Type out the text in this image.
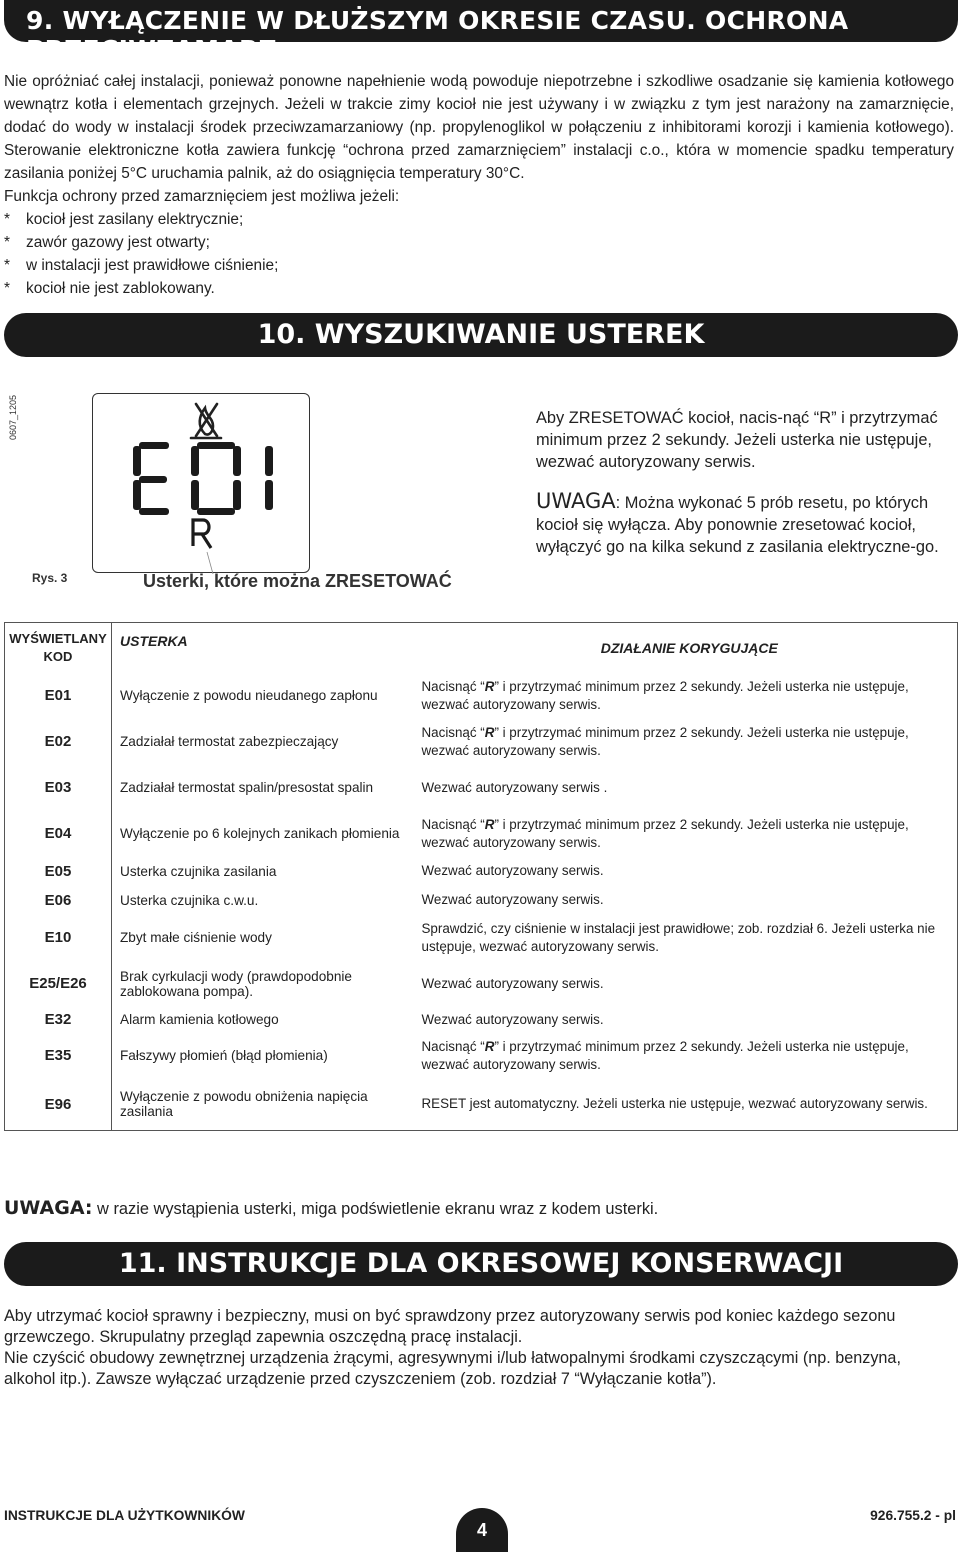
9. WYŁĄCZENIE W DŁUŻSZYM OKRESIE CZASU. OCHRONA PRZECIWZAMARZ.
Nie opróżniać całej instalacji, ponieważ ponowne napełnienie wodą powoduje niepotrzebne i szkodliwe osadzanie się kamienia kotłowego wewnątrz kotła i elementach grzejnych. Jeżeli w trakcie zimy kocioł nie jest używany i w związku z tym jest narażony na zamarznięcie, dodać do wody w instalacji środek przeciwzamarzaniowy (np. propylenoglikol w połączeniu z inhibitorami korozji i kamienia kotłowego). Sterowanie elektroniczne kotła zawiera funkcję “ochrona przed zamarznięciem” instalacji c.o., która w momencie spadku temperatury zasilania poniżej 5°C uruchamia palnik, aż do osiągnięcia temperatury 30°C.
Funkcja ochrony przed zamarznięciem jest możliwa jeżeli:
* kocioł jest zasilany elektrycznie;
* zawór gazowy jest otwarty;
* w instalacji jest prawidłowe ciśnienie;
* kocioł nie jest zablokowany.
10. WYSZUKIWANIE USTEREK
0607_1205
Rys. 3	Usterki, które można ZRESETOWAĆ
Aby ZRESETOWAĆ kocioł, nacis-nąć “R” i przytrzymać minimum przez 2 sekundy. Jeżeli usterka nie ustępuje, wezwać autoryzowany serwis.
UWAGA: Można wykonać 5 prób resetu, po których kocioł się wyłącza. Aby ponownie zresetować kocioł, wyłączyć go na kilka sekund z zasilania elektryczne-go.
WYŚWIETLANY KOD	USTERKA	DZIAŁANIE KORYGUJĄCE
E01	Wyłączenie z powodu nieudanego zapłonu	Nacisnąć “R” i przytrzymać minimum przez 2 sekundy. Jeżeli usterka nie ustępuje, wezwać autoryzowany serwis.
E02	Zadziałał termostat zabezpieczający	Nacisnąć “R” i przytrzymać minimum przez 2 sekundy. Jeżeli usterka nie ustępuje, wezwać autoryzowany serwis.
E03	Zadziałał termostat spalin/presostat spalin	Wezwać autoryzowany serwis .
E04	Wyłączenie po 6 kolejnych zanikach płomienia	Nacisnąć “R” i przytrzymać minimum przez 2 sekundy. Jeżeli usterka nie ustępuje, wezwać autoryzowany serwis.
E05	Usterka czujnika zasilania	Wezwać autoryzowany serwis.
E06	Usterka czujnika c.w.u.	Wezwać autoryzowany serwis.
E10	Zbyt małe ciśnienie wody	Sprawdzić, czy ciśnienie w instalacji jest prawidłowe; zob. rozdział 6. Jeżeli usterka nie ustępuje, wezwać autoryzowany serwis.
E25/E26	Brak cyrkulacji wody (prawdopodobnie zablokowana pompa).	Wezwać autoryzowany serwis.
E32	Alarm kamienia kotłowego	Wezwać autoryzowany serwis.
E35	Fałszywy płomień (błąd płomienia)	Nacisnąć “R” i przytrzymać minimum przez 2 sekundy. Jeżeli usterka nie ustępuje, wezwać autoryzowany serwis.
E96	Wyłączenie z powodu obniżenia napięcia zasilania	RESET jest automatyczny. Jeżeli usterka nie ustępuje, wezwać autoryzowany serwis.
UWAGA: w razie wystąpienia usterki, miga podświetlenie ekranu wraz z kodem usterki.
11. INSTRUKCJE DLA OKRESOWEJ KONSERWACJI
Aby utrzymać kocioł sprawny i bezpieczny, musi on być sprawdzony przez autoryzowany serwis pod koniec każdego sezonu grzewczego. Skrupulatny przegląd zapewnia oszczędną pracę instalacji.
Nie czyścić obudowy zewnętrznej urządzenia żrącymi, agresywnymi i/lub łatwopalnymi środkami czyszczącymi (np. benzyna, alkohol itp.). Zawsze wyłączać urządzenie przed czyszczeniem (zob. rozdział 7 “Wyłączanie kotła”).
INSTRUKCJE DLA UŻYTKOWNIKÓW
4
926.755.2 - pl
